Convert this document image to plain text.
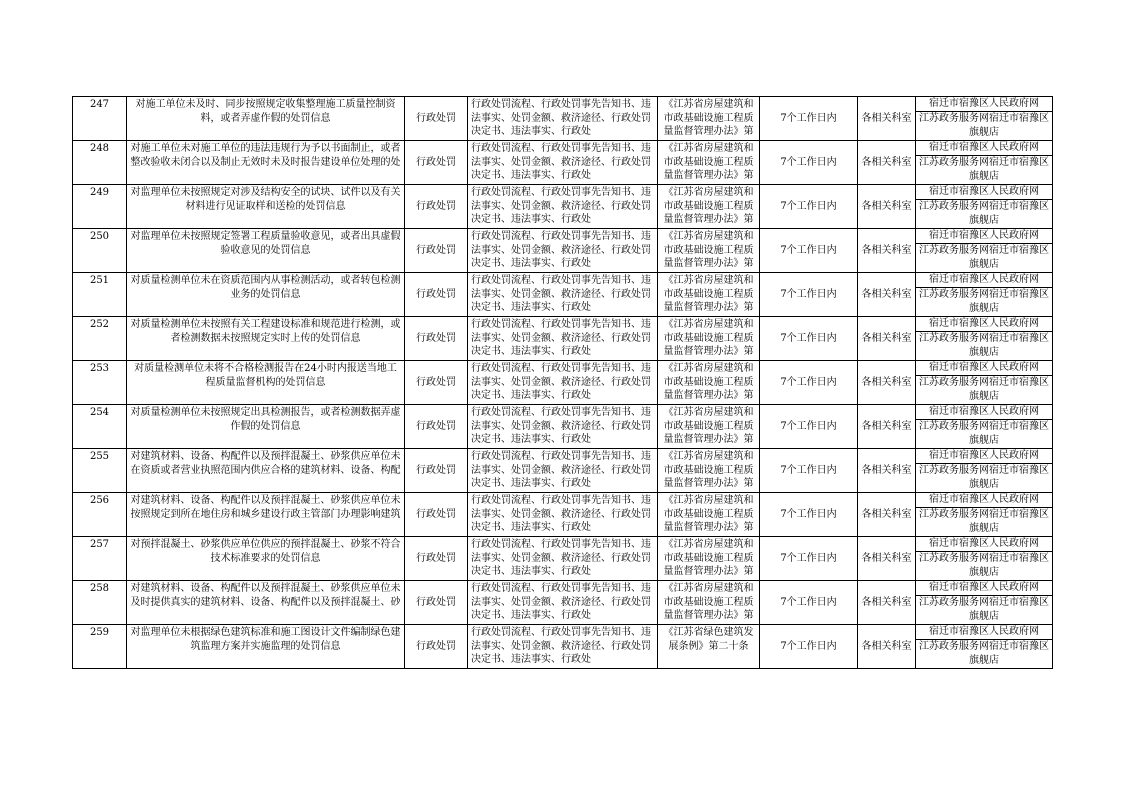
247	对施工单位未及时、同步按照规定收集整理施工质量控制资料，或者弄虚作假的处罚信息	行政处罚	行政处罚流程、行政处罚事先告知书、违法事实、处罚金额、救济途径、行政处罚决定书、违法事实、行政处	《江苏省房屋建筑和市政基础设施工程质量监督管理办法》第	7个工作日内	各相关科室	宿迁市宿豫区人民政府网
江苏政务服务网宿迁市宿豫区旗舰店

248	对施工单位未对施工单位的违法违规行为予以书面制止，或者整改验收未闭合以及制止无效时未及时报告建设单位处理的处	行政处罚	行政处罚流程、行政处罚事先告知书、违法事实、处罚金额、救济途径、行政处罚决定书、违法事实、行政处	《江苏省房屋建筑和市政基础设施工程质量监督管理办法》第	7个工作日内	各相关科室	宿迁市宿豫区人民政府网
江苏政务服务网宿迁市宿豫区旗舰店

249	对监理单位未按照规定对涉及结构安全的试块、试件以及有关材料进行见证取样和送检的处罚信息	行政处罚	行政处罚流程、行政处罚事先告知书、违法事实、处罚金额、救济途径、行政处罚决定书、违法事实、行政处	《江苏省房屋建筑和市政基础设施工程质量监督管理办法》第	7个工作日内	各相关科室	宿迁市宿豫区人民政府网
江苏政务服务网宿迁市宿豫区旗舰店

250	对监理单位未按照规定签署工程质量验收意见，或者出具虚假验收意见的处罚信息	行政处罚	行政处罚流程、行政处罚事先告知书、违法事实、处罚金额、救济途径、行政处罚决定书、违法事实、行政处	《江苏省房屋建筑和市政基础设施工程质量监督管理办法》第	7个工作日内	各相关科室	宿迁市宿豫区人民政府网
江苏政务服务网宿迁市宿豫区旗舰店

251	对质量检测单位未在资质范围内从事检测活动，或者转包检测业务的处罚信息	行政处罚	行政处罚流程、行政处罚事先告知书、违法事实、处罚金额、救济途径、行政处罚决定书、违法事实、行政处	《江苏省房屋建筑和市政基础设施工程质量监督管理办法》第	7个工作日内	各相关科室	宿迁市宿豫区人民政府网
江苏政务服务网宿迁市宿豫区旗舰店

252	对质量检测单位未按照有关工程建设标准和规范进行检测，或者检测数据未按照规定实时上传的处罚信息	行政处罚	行政处罚流程、行政处罚事先告知书、违法事实、处罚金额、救济途径、行政处罚决定书、违法事实、行政处	《江苏省房屋建筑和市政基础设施工程质量监督管理办法》第	7个工作日内	各相关科室	宿迁市宿豫区人民政府网
江苏政务服务网宿迁市宿豫区旗舰店

253	对质量检测单位未将不合格检测报告在24小时内报送当地工程质量监督机构的处罚信息	行政处罚	行政处罚流程、行政处罚事先告知书、违法事实、处罚金额、救济途径、行政处罚决定书、违法事实、行政处	《江苏省房屋建筑和市政基础设施工程质量监督管理办法》第	7个工作日内	各相关科室	宿迁市宿豫区人民政府网
江苏政务服务网宿迁市宿豫区旗舰店

254	对质量检测单位未按照规定出具检测报告，或者检测数据弄虚作假的处罚信息	行政处罚	行政处罚流程、行政处罚事先告知书、违法事实、处罚金额、救济途径、行政处罚决定书、违法事实、行政处	《江苏省房屋建筑和市政基础设施工程质量监督管理办法》第	7个工作日内	各相关科室	宿迁市宿豫区人民政府网
江苏政务服务网宿迁市宿豫区旗舰店

255	对建筑材料、设备、构配件以及预拌混凝土、砂浆供应单位未在资质或者营业执照范围内供应合格的建筑材料、设备、构配	行政处罚	行政处罚流程、行政处罚事先告知书、违法事实、处罚金额、救济途径、行政处罚决定书、违法事实、行政处	《江苏省房屋建筑和市政基础设施工程质量监督管理办法》第	7个工作日内	各相关科室	宿迁市宿豫区人民政府网
江苏政务服务网宿迁市宿豫区旗舰店

256	对建筑材料、设备、构配件以及预拌混凝土、砂浆供应单位未按照规定到所在地住房和城乡建设行政主管部门办理影响建筑	行政处罚	行政处罚流程、行政处罚事先告知书、违法事实、处罚金额、救济途径、行政处罚决定书、违法事实、行政处	《江苏省房屋建筑和市政基础设施工程质量监督管理办法》第	7个工作日内	各相关科室	宿迁市宿豫区人民政府网
江苏政务服务网宿迁市宿豫区旗舰店

257	对预拌混凝土、砂浆供应单位供应的预拌混凝土、砂浆不符合技术标准要求的处罚信息	行政处罚	行政处罚流程、行政处罚事先告知书、违法事实、处罚金额、救济途径、行政处罚决定书、违法事实、行政处	《江苏省房屋建筑和市政基础设施工程质量监督管理办法》第	7个工作日内	各相关科室	宿迁市宿豫区人民政府网
江苏政务服务网宿迁市宿豫区旗舰店

258	对建筑材料、设备、构配件以及预拌混凝土、砂浆供应单位未及时提供真实的建筑材料、设备、构配件以及预拌混凝土、砂	行政处罚	行政处罚流程、行政处罚事先告知书、违法事实、处罚金额、救济途径、行政处罚决定书、违法事实、行政处	《江苏省房屋建筑和市政基础设施工程质量监督管理办法》第	7个工作日内	各相关科室	宿迁市宿豫区人民政府网
江苏政务服务网宿迁市宿豫区旗舰店

259	对监理单位未根据绿色建筑标准和施工图设计文件编制绿色建筑监理方案并实施监理的处罚信息	行政处罚	行政处罚流程、行政处罚事先告知书、违法事实、处罚金额、救济途径、行政处罚决定书、违法事实、行政处	《江苏省绿色建筑发展条例》第二十条	7个工作日内	各相关科室	宿迁市宿豫区人民政府网
江苏政务服务网宿迁市宿豫区旗舰店
